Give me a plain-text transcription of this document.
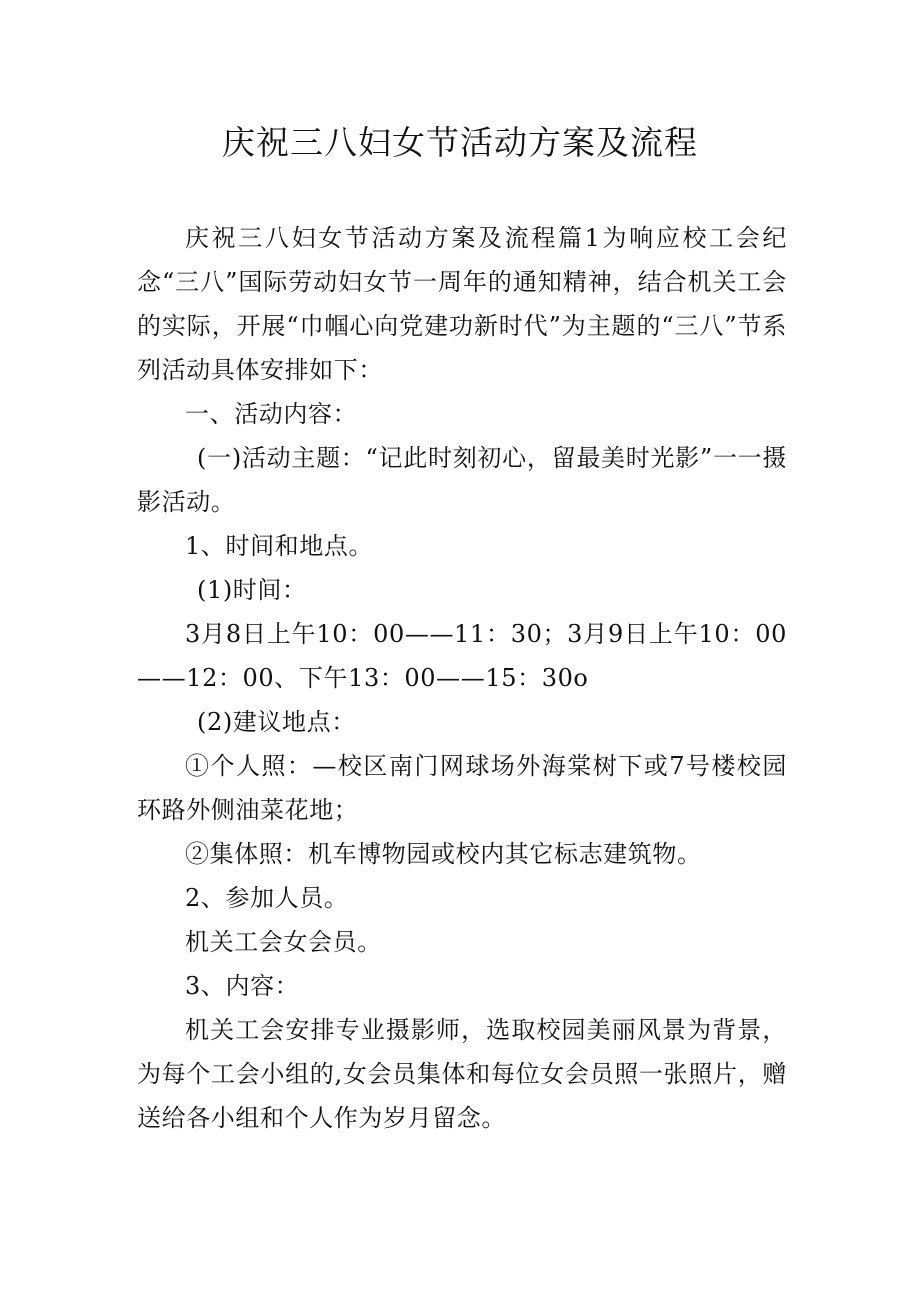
庆祝三八妇女节活动方案及流程

庆祝三八妇女节活动方案及流程篇1为响应校工会纪念“三八”国际劳动妇女节一周年的通知精神，结合机关工会的实际，开展“巾帼心向党建功新时代”为主题的“三八”节系列活动具体安排如下：

一、活动内容：

(一)活动主题：“记此时刻初心，留最美时光影”一一摄影活动。

1、时间和地点。

(1)时间：

3月8日上午10：00——11：30；3月9日上午10：00——12：00、下午13：00——15：30o

(2)建议地点：

①个人照：—校区南门网球场外海棠树下或7号楼校园环路外侧油菜花地；

②集体照：机车博物园或校内其它标志建筑物。

2、参加人员。

机关工会女会员。

3、内容：

机关工会安排专业摄影师，选取校园美丽风景为背景，为每个工会小组的,女会员集体和每位女会员照一张照片，赠送给各小组和个人作为岁月留念。
